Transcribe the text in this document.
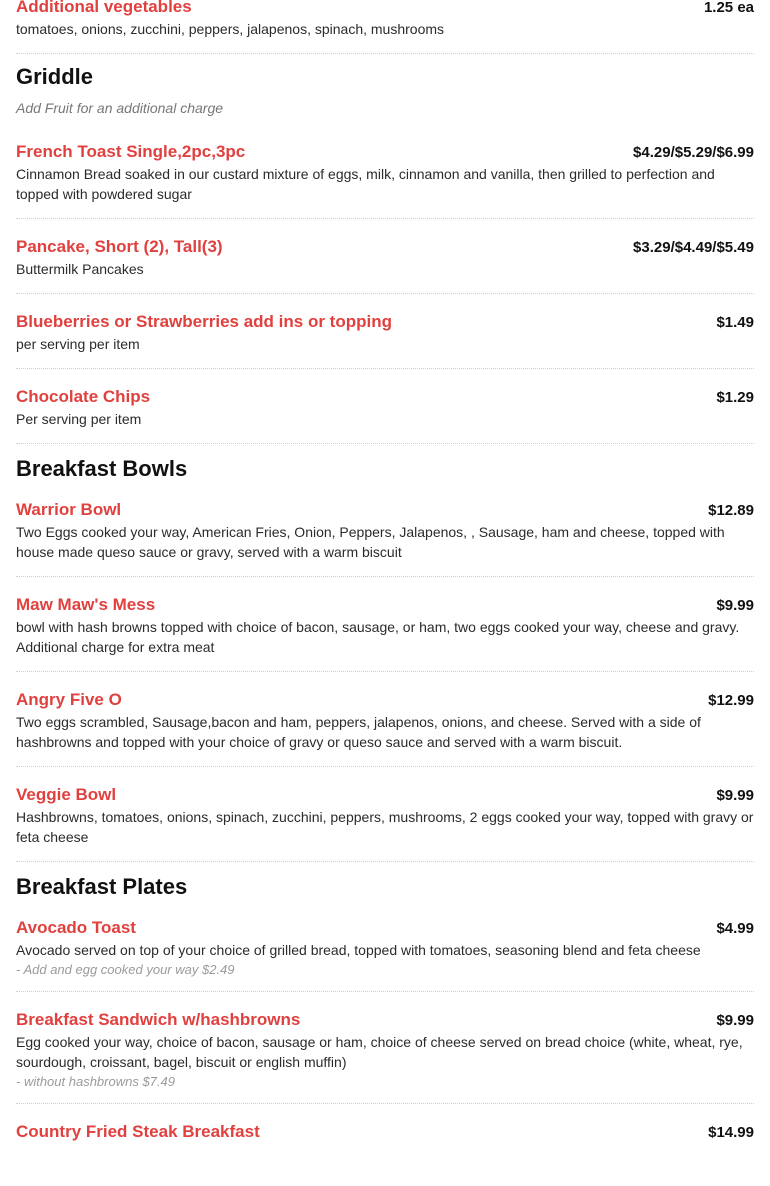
Additional vegetables	1.25 ea
tomatoes, onions, zucchini, peppers, jalapenos, spinach, mushrooms
Griddle
Add Fruit for an additional charge
French Toast Single,2pc,3pc	$4.29/$5.29/$6.99
Cinnamon Bread soaked in our custard mixture of eggs, milk, cinnamon and vanilla, then grilled to perfection and topped with powdered sugar
Pancake, Short (2), Tall(3)	$3.29/$4.49/$5.49
Buttermilk Pancakes
Blueberries or Strawberries add ins or topping	$1.49
per serving per item
Chocolate Chips	$1.29
Per serving per item
Breakfast Bowls
Warrior Bowl	$12.89
Two Eggs cooked your way, American Fries, Onion, Peppers, Jalapenos, , Sausage, ham and cheese, topped with house made queso sauce or gravy, served with a warm biscuit
Maw Maw's Mess	$9.99
bowl with hash browns topped with choice of bacon, sausage, or ham, two eggs cooked your way, cheese and gravy. Additional charge for extra meat
Angry Five O	$12.99
Two eggs scrambled, Sausage,bacon and ham, peppers, jalapenos, onions, and cheese. Served with a side of hashbrowns and topped with your choice of gravy or queso sauce and served with a warm biscuit.
Veggie Bowl	$9.99
Hashbrowns, tomatoes, onions, spinach, zucchini, peppers, mushrooms, 2 eggs cooked your way, topped with gravy or feta cheese
Breakfast Plates
Avocado Toast	$4.99
Avocado served on top of your choice of grilled bread, topped with tomatoes, seasoning blend and feta cheese
- Add and egg cooked your way $2.49
Breakfast Sandwich w/hashbrowns	$9.99
Egg cooked your way, choice of bacon, sausage or ham, choice of cheese served on bread choice (white, wheat, rye, sourdough, croissant, bagel, biscuit or english muffin)
- without hashbrowns $7.49
Country Fried Steak Breakfast	$14.99
